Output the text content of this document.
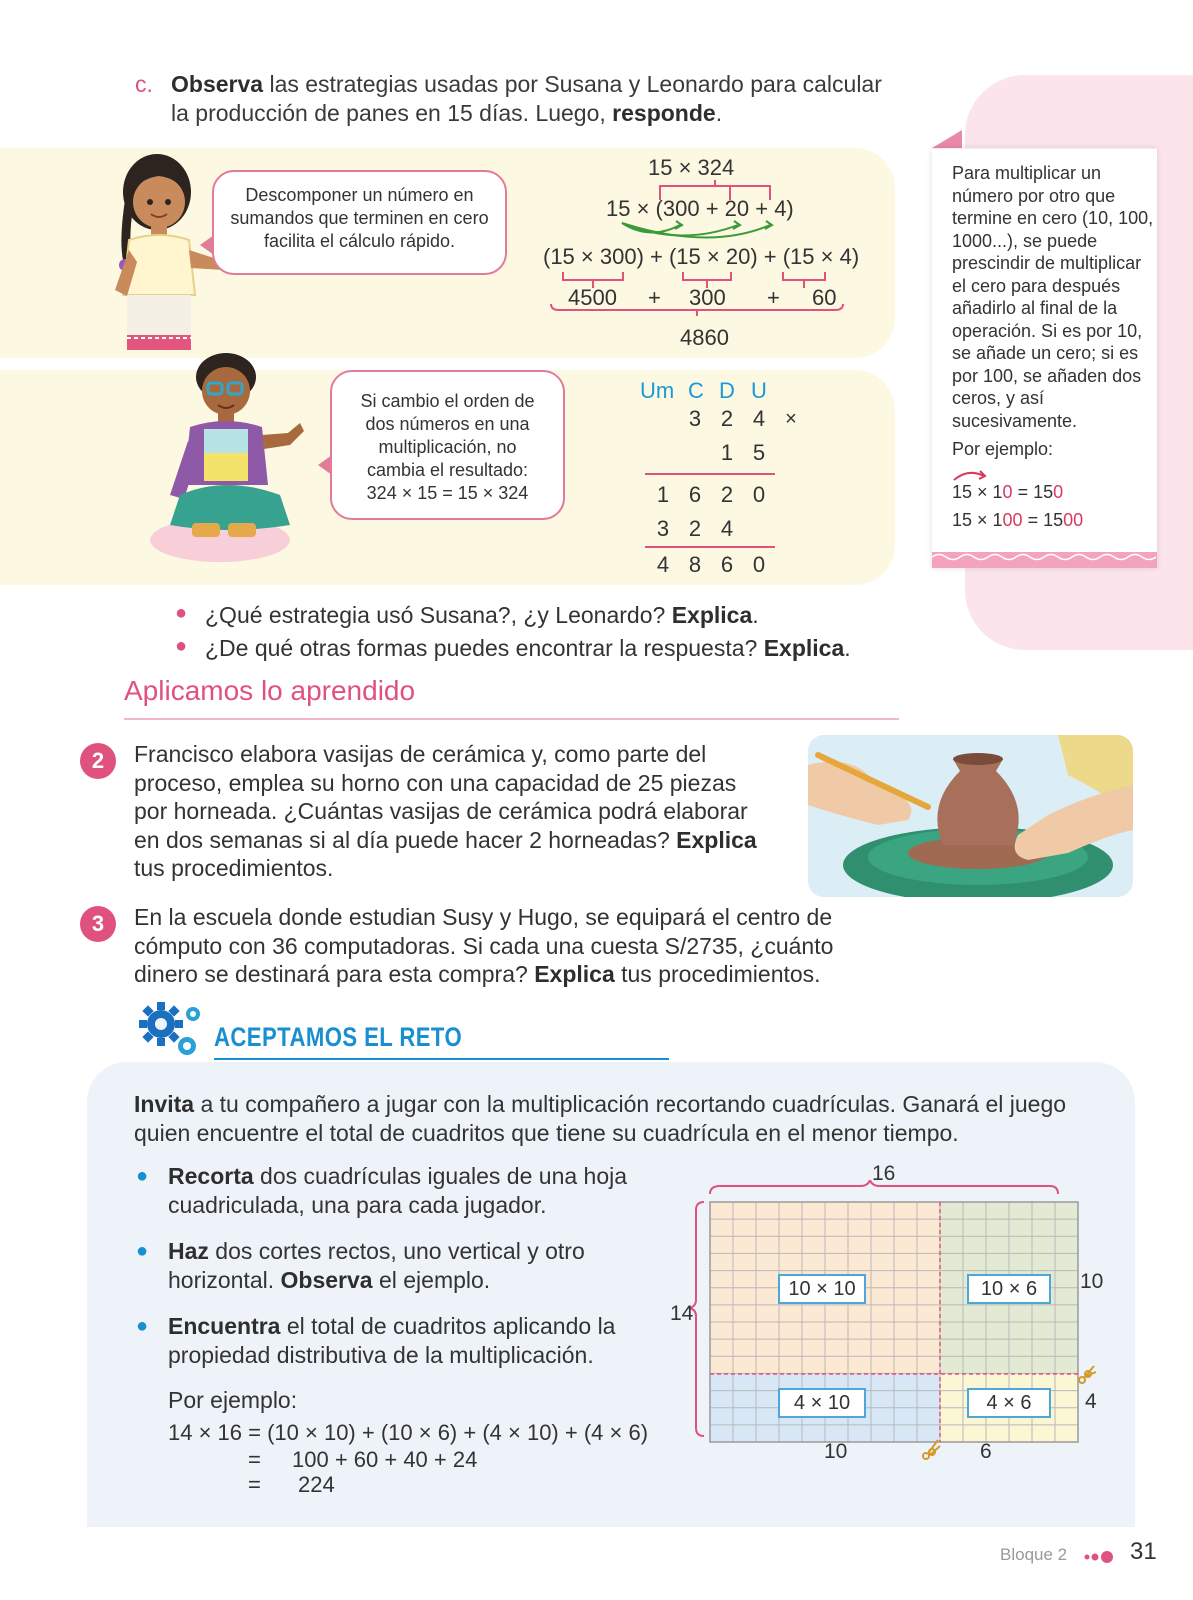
c. Observa las estrategias usadas por Susana y Leonardo para calcular
la producción de panes en 15 días. Luego, responde.
Descomponer un número en sumandos que terminen en cero facilita el cálculo rápido.
15 × 324
15 × (300 + 20 + 4)
(15 × 300) + (15 × 20) + (15 × 4)
4500 + 300 + 60
4860
Si cambio el orden de
dos números en una
multiplicación, no
cambia el resultado:
324 × 15 = 15 × 324
Um C D U
3 2 4	×
1 5
1 6 2 0
3 2 4
4 8 6 0
Para multiplicar un número por otro que termine en cero (10, 100, 1000...), se puede prescindir de multiplicar el cero para después añadirlo al final de la operación. Si es por 10, se añade un cero; si es por 100, se añaden dos ceros, y así sucesivamente.
Por ejemplo:
15 × 10 = 150
15 × 100 = 1500
● ¿Qué estrategia usó Susana?, ¿y Leonardo? Explica.
● ¿De qué otras formas puedes encontrar la respuesta? Explica.
Aplicamos lo aprendido
2	Francisco elabora vasijas de cerámica y, como parte del proceso, emplea su horno con una capacidad de 25 piezas por horneada. ¿Cuántas vasijas de cerámica podrá elaborar en dos semanas si al día puede hacer 2 horneadas? Explica tus procedimientos.
3	En la escuela donde estudian Susy y Hugo, se equipará el centro de cómputo con 36 computadoras. Si cada una cuesta S/2735, ¿cuánto dinero se destinará para esta compra? Explica tus procedimientos.
ACEPTAMOS EL RETO
Invita a tu compañero a jugar con la multiplicación recortando cuadrículas. Ganará el juego quien encuentre el total de cuadritos que tiene su cuadrícula en el menor tiempo.
● Recorta dos cuadrículas iguales de una hoja cuadriculada, una para cada jugador.
● Haz dos cortes rectos, uno vertical y otro horizontal. Observa el ejemplo.
● Encuentra el total de cuadritos aplicando la propiedad distributiva de la multiplicación.
Por ejemplo:
14 × 16 = (10 × 10) + (10 × 6) + (4 × 10) + (4 × 6)
= 100 + 60 + 40 + 24
= 224
16
14
10
4
10	6
10 × 10	10 × 6
4 × 10	4 × 6
Bloque 2	31
